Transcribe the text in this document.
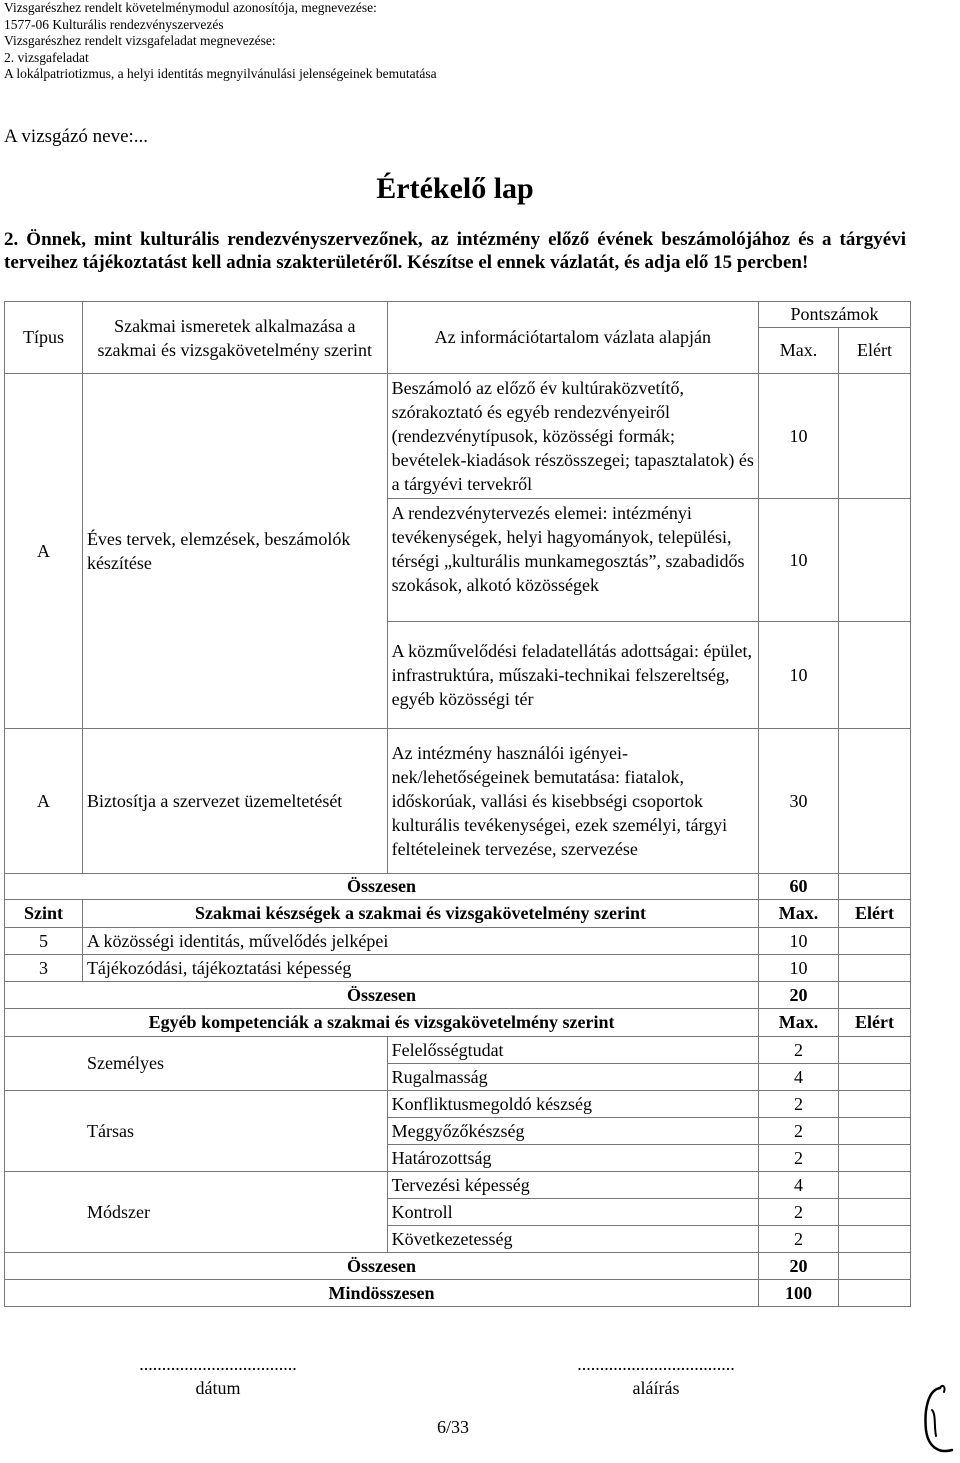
Vizsgarészhez rendelt követelménymodul azonosítója, megnevezése:
1577-06 Kulturális rendezvényszervezés
Vizsgarészhez rendelt vizsgafeladat megnevezése:
2. vizsgafeladat
A lokálpatriotizmus, a helyi identitás megnyilvánulási jelenségeinek bemutatása
A vizsgázó neve:...
Értékelő lap
2. Önnek, mint kulturális rendezvényszervezőnek, az intézmény előző évének beszámolójához és a tárgyévi terveihez tájékoztatást kell adnia szakterületéről. Készítse el ennek vázlatát, és adja elő 15 percben!
Típus	Szakmai ismeretek alkalmazása a szakmai és vizsgakövetelmény szerint	Az információtartalom vázlata alapján	Pontszámok	
			Max.	Elért
A	Éves tervek, elemzések, beszámolók készítése	Beszámoló az előző év kultúraközvetítő, szórakoztató és egyéb rendezvényeiről (rendezvénytípusok, közösségi formák; bevételek-kiadások részösszegei; tapasztalatok) és a tárgyévi tervekről	10	
		A rendezvénytervezés elemei: intézményi tevékenységek, helyi hagyományok, települési, térségi „kulturális munkamegosztás”, szabadidős szokások, alkotó közösségek	10	
		A közművelődési feladatellátás adottságai: épület, infrastruktúra, műszaki-technikai felszereltség, egyéb közösségi tér	10	
A	Biztosítja a szervezet üzemeltetését	Az intézmény használói igényei-nek/lehetőségeinek bemutatása: fiatalok, időskorúak, vallási és kisebbségi csoportok kulturális tevékenységei, ezek személyi, tárgyi feltételeinek tervezése, szervezése	30	
Összesen			60	
Szint	Szakmai készségek a szakmai és vizsgakövetelmény szerint		Max.	Elért
5	A közösségi identitás, művelődés jelképei		10	
3	Tájékozódási, tájékoztatási képesség		10	
Összesen			20	
Egyéb kompetenciák a szakmai és vizsgakövetelmény szerint			Max.	Elért
Személyes		Felelősségtudat	2	
		Rugalmasság	4	
Társas		Konfliktusmegoldó készség	2	
		Meggyőzőkészség	2	
		Határozottság	2	
Módszer		Tervezési képesség	4	
		Kontroll	2	
		Következetesség	2	
Összesen			20	
Mindösszesen			100	
...................................
dátum
...................................
aláírás
6/33
